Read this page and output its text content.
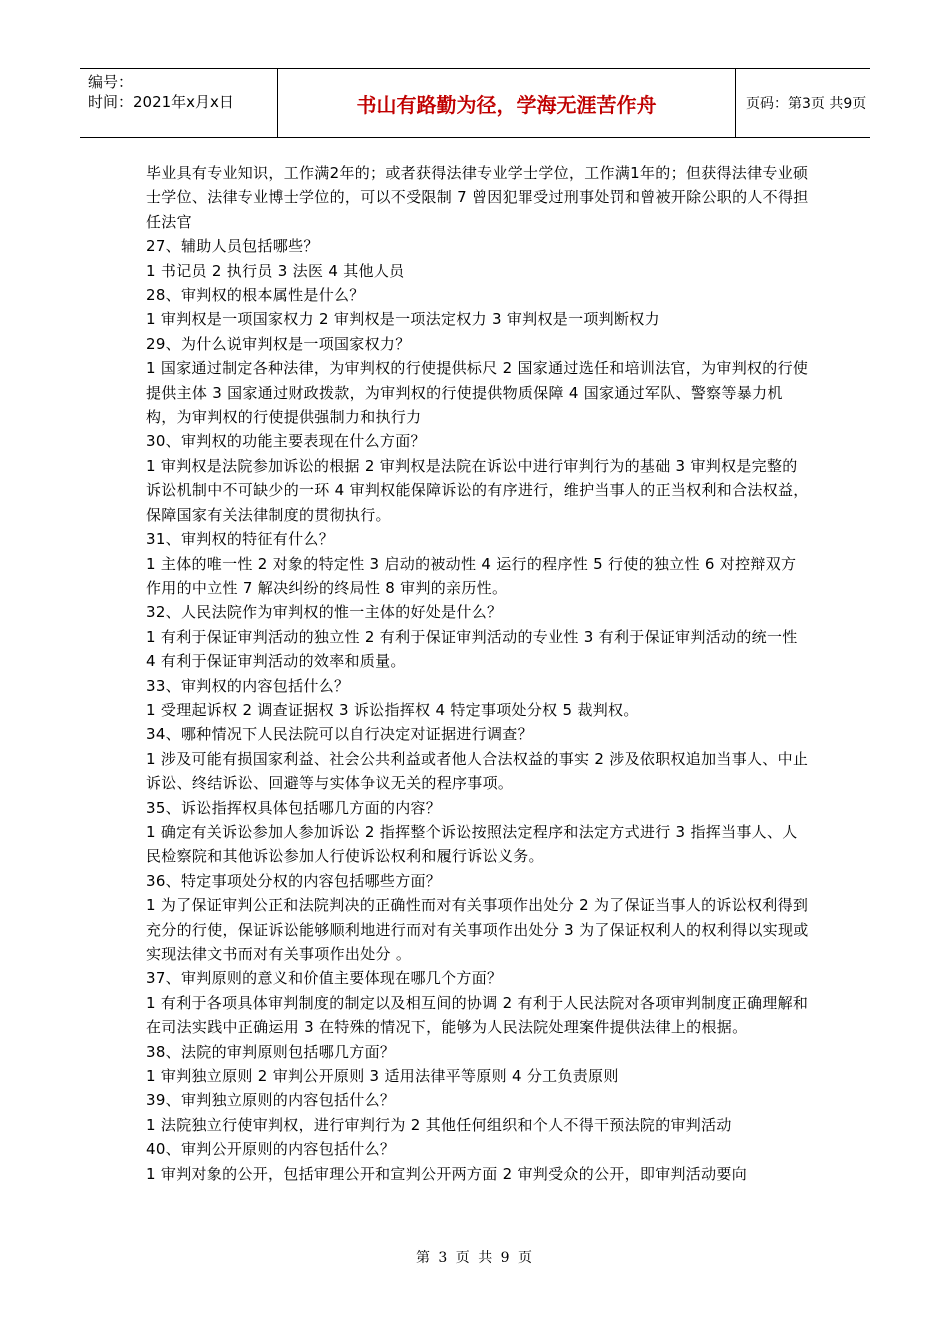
编号：
时间：2021年x月x日	书山有路勤为径，学海无涯苦作舟	页码：第3页 共9页

毕业具有专业知识，工作满2年的；或者获得法律专业学士学位，工作满1年的；但获得法律专业硕士学位、法律专业博士学位的，可以不受限制 7 曾因犯罪受过刑事处罚和曾被开除公职的人不得担任法官

27、辅助人员包括哪些？

1 书记员 2 执行员 3 法医 4 其他人员

28、审判权的根本属性是什么？

1 审判权是一项国家权力 2 审判权是一项法定权力 3 审判权是一项判断权力

29、为什么说审判权是一项国家权力？

1 国家通过制定各种法律，为审判权的行使提供标尺 2 国家通过选任和培训法官，为审判权的行使提供主体 3 国家通过财政拨款，为审判权的行使提供物质保障 4 国家通过军队、警察等暴力机构，为审判权的行使提供强制力和执行力

30、审判权的功能主要表现在什么方面？

1 审判权是法院参加诉讼的根据 2 审判权是法院在诉讼中进行审判行为的基础 3 审判权是完整的诉讼机制中不可缺少的一环 4 审判权能保障诉讼的有序进行，维护当事人的正当权利和合法权益，保障国家有关法律制度的贯彻执行。

31、审判权的特征有什么？

1 主体的唯一性 2 对象的特定性 3 启动的被动性 4 运行的程序性 5 行使的独立性 6 对控辩双方作用的中立性 7 解决纠纷的终局性 8 审判的亲历性。

32、人民法院作为审判权的惟一主体的好处是什么？

1 有利于保证审判活动的独立性 2 有利于保证审判活动的专业性 3 有利于保证审判活动的统一性 4 有利于保证审判活动的效率和质量。

33、审判权的内容包括什么？

1 受理起诉权 2 调查证据权 3 诉讼指挥权 4 特定事项处分权 5 裁判权。

34、哪种情况下人民法院可以自行决定对证据进行调查？

1 涉及可能有损国家利益、社会公共利益或者他人合法权益的事实 2 涉及依职权追加当事人、中止诉讼、终结诉讼、回避等与实体争议无关的程序事项。

35、诉讼指挥权具体包括哪几方面的内容？

1 确定有关诉讼参加人参加诉讼 2 指挥整个诉讼按照法定程序和法定方式进行 3 指挥当事人、人民检察院和其他诉讼参加人行使诉讼权利和履行诉讼义务。

36、特定事项处分权的内容包括哪些方面？

1 为了保证审判公正和法院判决的正确性而对有关事项作出处分 2 为了保证当事人的诉讼权利得到充分的行使，保证诉讼能够顺利地进行而对有关事项作出处分 3 为了保证权利人的权利得以实现或实现法律文书而对有关事项作出处分 。

37、审判原则的意义和价值主要体现在哪几个方面？

1 有利于各项具体审判制度的制定以及相互间的协调 2 有利于人民法院对各项审判制度正确理解和在司法实践中正确运用 3 在特殊的情况下，能够为人民法院处理案件提供法律上的根据。

38、法院的审判原则包括哪几方面？

1 审判独立原则 2 审判公开原则 3 适用法律平等原则 4 分工负责原则

39、审判独立原则的内容包括什么？

1 法院独立行使审判权，进行审判行为 2 其他任何组织和个人不得干预法院的审判活动

40、审判公开原则的内容包括什么？

1 审判对象的公开，包括审理公开和宣判公开两方面 2 审判受众的公开，即审判活动要向

第 3 页 共 9 页
